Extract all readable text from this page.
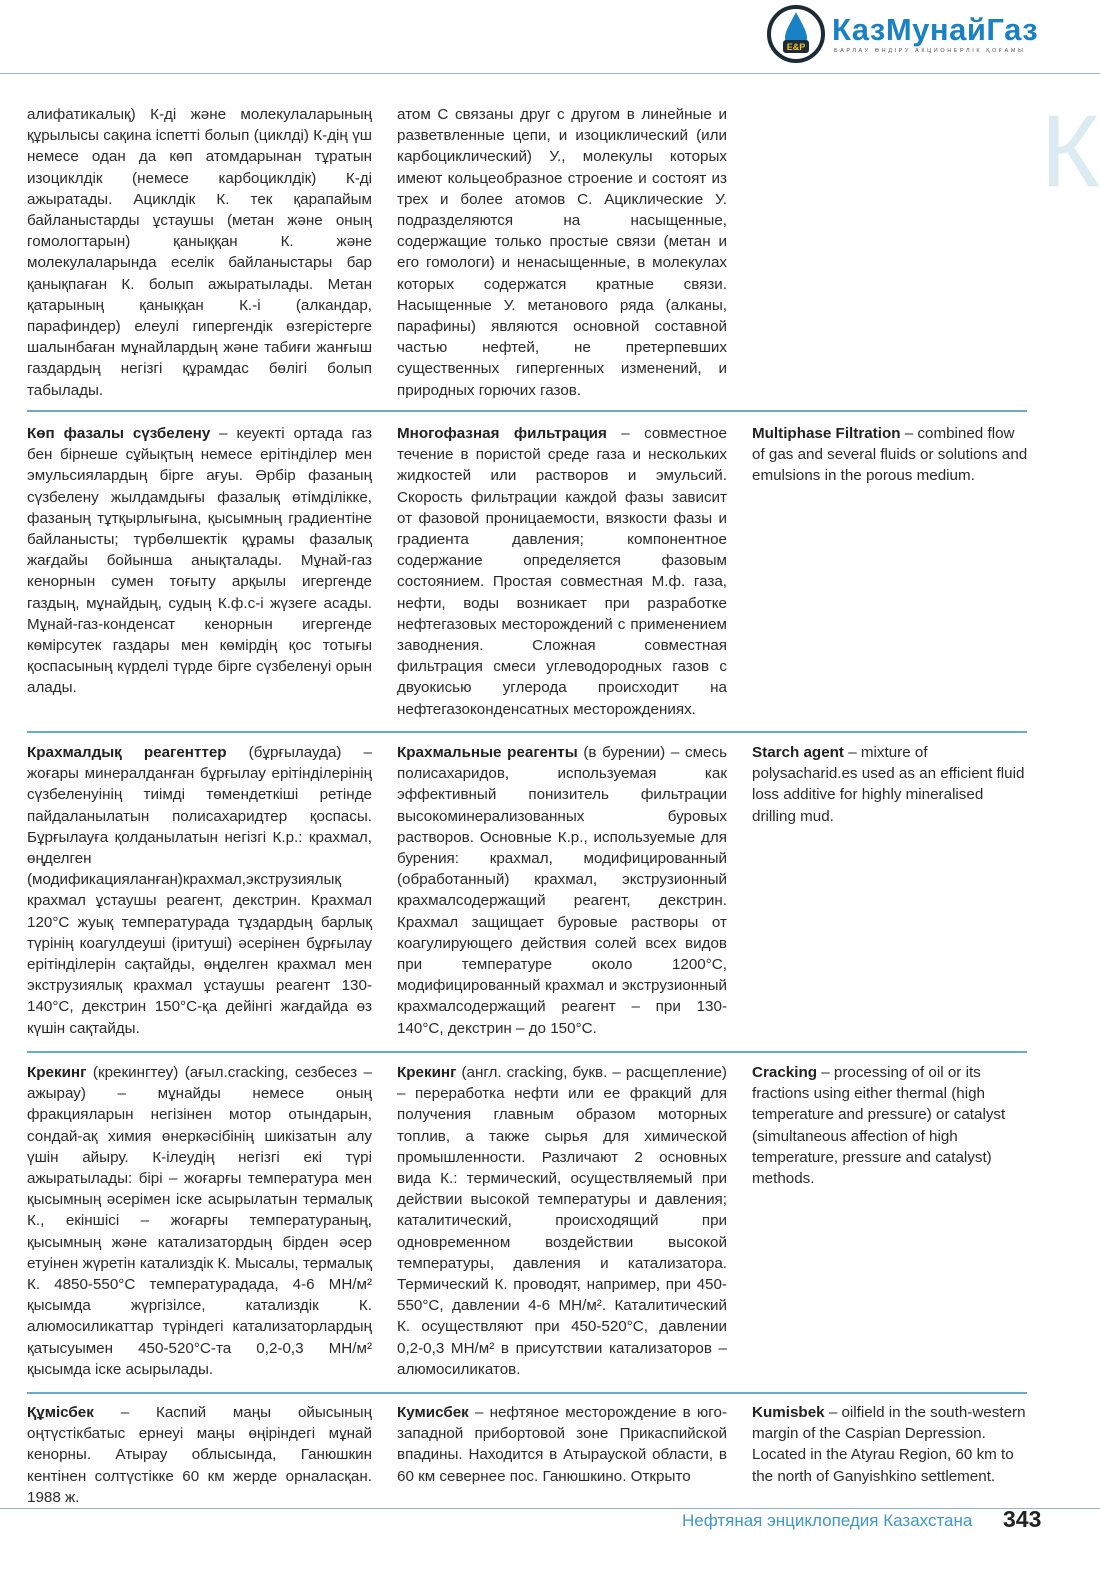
E&P КазМунайГаз
БАРЛАУ ӨНДІРУ АКЦИОНЕРЛІК ҚОҒАМЫ
К
алифатикалық) К-ді және молекулаларының құрылысы сақина іспетті болып (циклді) К-дің үш немесе одан да көп атомдарынан тұратын изоциклдік (немесе карбоциклдік) К-ді ажыратады. Ациклдік К. тек қарапайым байланыстарды ұстаушы (метан және оның гомологтарын) қаныққан К. және молекулаларында еселік байланыстары бар қанықпаған К. болып ажыратылады. Метан қатарының қаныққан К.-і (алкандар, парафиндер) елеулі гипергендік өзгерістерге шалынбаған мұнайлардың және табиғи жанғыш газдардың негізгі құрамдас бөлігі болып табылады.
атом С связаны друг с другом в линейные и разветвленные цепи, и изоциклический (или карбоциклический) У., молекулы которых имеют кольцеобразное строение и состоят из трех и более атомов С. Ациклические У. подразделяются на насыщенные, содержащие только простые связи (метан и его гомологи) и ненасыщенные, в молекулах которых содержатся кратные связи. Насыщенные У. метанового ряда (алканы, парафины) являются основной составной частью нефтей, не претерпевших существенных гипергенных изменений, и природных горючих газов.
Көп фазалы сүзбелену – кеуекті ортада газ бен бірнеше сұйықтың немесе ерітінділер мен эмульсиялардың бірге ағуы. Әрбір фазаның сүзбелену жылдамдығы фазалық өтімділікке, фазаның тұтқырлығына, қысымның градиентіне байланысты; түрбөлшектік құрамы фазалық жағдайы бойынша анықталады. Мұнай-газ кенорнын сумен тоғыту арқылы игергенде газдың, мұнайдың, судың К.ф.с-і жүзеге асады. Мұнай-газ-конденсат кенорнын игергенде көмірсутек газдары мен көмірдің қос тотығы қоспасының күрделі түрде бірге сүзбеленуі орын алады.
Многофазная фильтрация – совместное течение в пористой среде газа и нескольких жидкостей или растворов и эмульсий. Скорость фильтрации каждой фазы зависит от фазовой проницаемости, вязкости фазы и градиента давления; компонентное содержание определяется фазовым состоянием. Простая совместная М.ф. газа, нефти, воды возникает при разработке нефтегазовых месторождений с применением заводнения. Сложная совместная фильтрация смеси углеводородных газов с двуокисью углерода происходит на нефтегазоконденсатных месторождениях.
Multiphase Filtration – combined flow of gas and several fluids or solutions and emulsions in the porous medium.
Крахмалдық реагенттер (бұрғылауда) – жоғары минералданған бұрғылау ерітінділерінің сүзбеленуінің тиімді төмендеткіші ретінде пайдаланылатын полисахаридтер қоспасы. Бұрғылауға қолданылатын негізгі К.р.: крахмал, өңделген (модификацияланған)крахмал,экструзиялық крахмал ұстаушы реагент, декстрин. Крахмал 120°С жуық температурада тұздардың барлық түрінің коагулдеуші (іритуші) әсерінен бұрғылау ерітінділерін сақтайды, өңделген крахмал мен экструзиялық крахмал ұстаушы реагент 130-140°С, декстрин 150°С-қа дейінгі жағдайда өз күшін сақтайды.
Крахмальные реагенты (в бурении) – смесь полисахаридов, используемая как эффективный понизитель фильтрации высокоминерализованных буровых растворов. Основные К.р., используемые для бурения: крахмал, модифицированный (обработанный) крахмал, экструзионный крахмалсодержащий реагент, декстрин. Крахмал защищает буровые растворы от коагулирующего действия солей всех видов при температуре около 1200°С, модифицированный крахмал и экструзионный крахмалсодержащий реагент – при 130-140°С, декстрин – до 150°С.
Starch agent – mixture of polysacharid.es used as an efficient fluid loss additive for highly mineralised drilling mud.
Крекинг (крекингтеу) (ағыл.cracking, сезбесез – ажырау) – мұнайды немесе оның фракцияларын негізінен мотор отындарын, сондай-ақ химия өнеркәсібінің шикізатын алу үшін айыру. К-ілеудің негізгі екі түрі ажыратылады: бірі – жоғарғы температура мен қысымның әсерімен іске асырылатын термалық К., екіншісі – жоғарғы температураның, қысымның және катализатордың бірден әсер етуінен жүретін катализдік К. Мысалы, термалық К. 4850-550°С температурадада, 4-6 МН/м² қысымда жүргізілсе, катализдік К. алюмосиликаттар түріндегі катализаторлардың қатысуымен 450-520°С-та 0,2-0,3 МН/м² қысымда іске асырылады.
Крекинг (англ. cracking, букв. – расщепление) – переработка нефти или ее фракций для получения главным образом моторных топлив, а также сырья для химической промышленности. Различают 2 основных вида К.: термический, осуществляемый при действии высокой температуры и давления; каталитический, происходящий при одновременном воздействии высокой температуры, давления и катализатора. Термический К. проводят, например, при 450-550°С, давлении 4-6 МН/м². Каталитический К. осуществляют при 450-520°С, давлении 0,2-0,3 МН/м² в присутствии катализаторов – алюмосиликатов.
Cracking – processing of oil or its fractions using either thermal (high temperature and pressure) or catalyst (simultaneous affection of high temperature, pressure and catalyst) methods.
Құмісбек – Каспий маңы ойысының оңтүстікбатыс ернеуі маңы өңіріндегі мұнай кенорны. Атырау облысында, Ганюшкин кентінен солтүстікке 60 км жерде орналасқан. 1988 ж.
Кумисбек – нефтяное месторождение в юго-западной прибортовой зоне Прикаспийской впадины. Находится в Атырауской области, в 60 км севернее пос. Ганюшкино. Открыто
Kumisbek – oilfield in the south-western margin of the Caspian Depression. Located in the Atyrau Region, 60 km to the north of Ganyishkino settlement.
Нефтяная энциклопедия Казахстана 343
